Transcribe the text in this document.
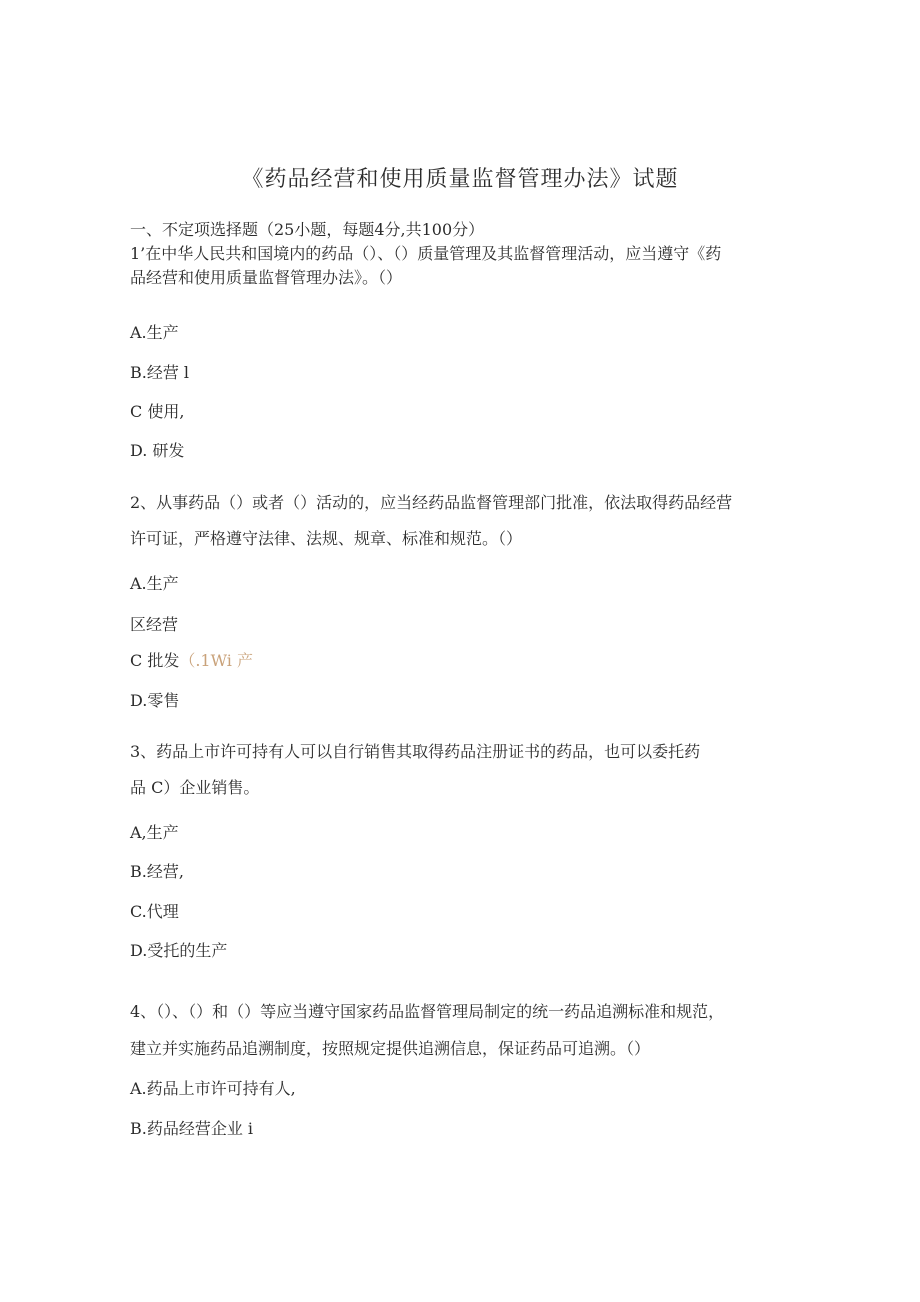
《药品经营和使用质量监督管理办法》试题
一、不定项选择题（25小题，每题4分,共100分）
1’在中华人民共和国境内的药品（）、（）质量管理及其监督管理活动，应当遵守《药
品经营和使用质量监督管理办法》。（）
A.生产
B.经营 l
C 使用,
D. 研发
2、从事药品（）或者（）活动的，应当经药品监督管理部门批准，依法取得药品经营
许可证，严格遵守法律、法规、规章、标准和规范。（）
A.生产
区经营
C 批发（.1Wi 产
D.零售
3、药品上市许可持有人可以自行销售其取得药品注册证书的药品，也可以委托药
品 C）企业销售。
A,生产
B.经营,
C.代理
D.受托的生产
4、（）、（）和（）等应当遵守国家药品监督管理局制定的统一药品追溯标准和规范，
建立并实施药品追溯制度，按照规定提供追溯信息，保证药品可追溯。（）
A.药品上市许可持有人,
B.药品经营企业 i
